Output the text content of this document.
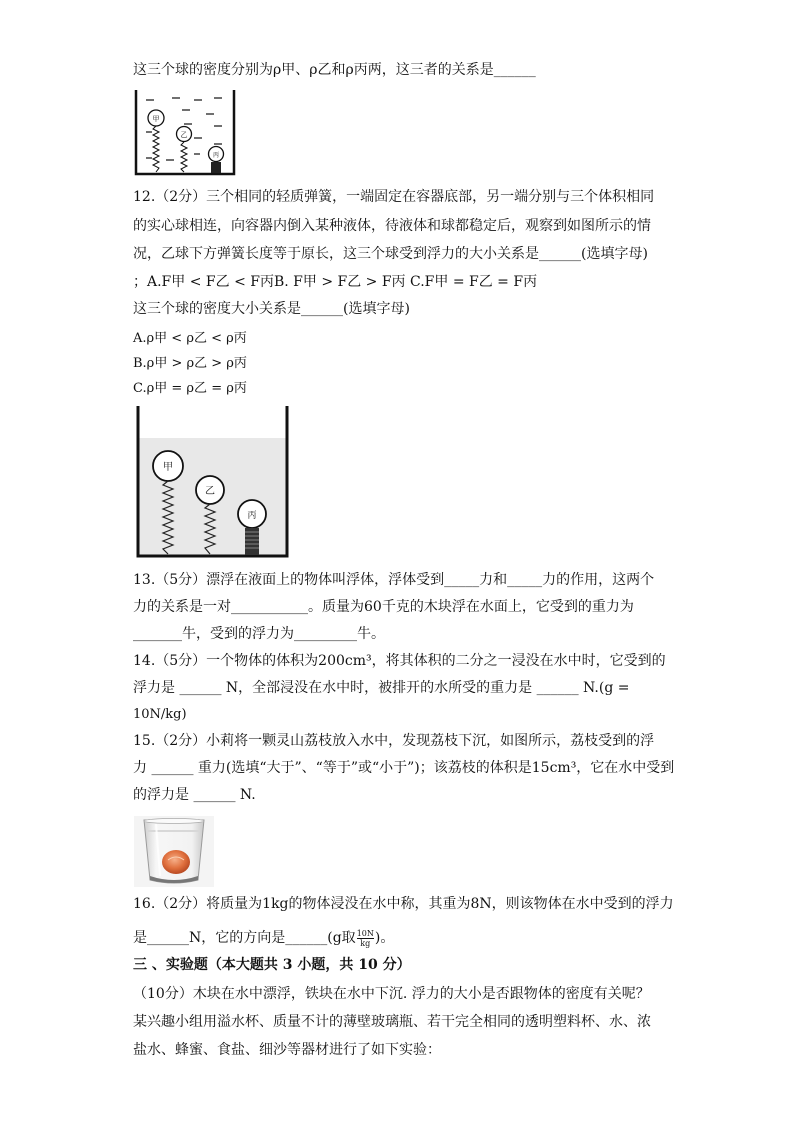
这三个球的密度分别为ρ甲、ρ乙和ρ丙两，这三者的关系是______
甲
乙
丙
12.（2分）三个相同的轻质弹簧，一端固定在容器底部，另一端分别与三个体积相同
的实心球相连，向容器内倒入某种液体，待液体和球都稳定后，观察到如图所示的情
况，乙球下方弹簧长度等于原长，这三个球受到浮力的大小关系是______(选填字母)
；A.F甲 < F乙 < F丙B. F甲 > F乙 > F丙 C.F甲 = F乙 = F丙
这三个球的密度大小关系是______(选填字母)
A.ρ甲 < ρ乙 < ρ丙
B.ρ甲 > ρ乙 > ρ丙
C.ρ甲 = ρ乙 = ρ丙
甲
乙
丙
13.（5分）漂浮在液面上的物体叫浮体，浮体受到_____力和_____力的作用，这两个
力的关系是一对___________。质量为60千克的木块浮在水面上，它受到的重力为
_______牛，受到的浮力为_________牛。
14.（5分）一个物体的体积为200cm³，将其体积的二分之一浸没在水中时，它受到的
浮力是 ______ N，全部浸没在水中时，被排开的水所受的重力是 ______ N.(g =
10N/kg)
15.（2分）小莉将一颗灵山荔枝放入水中，发现荔枝下沉，如图所示，荔枝受到的浮
力 ______ 重力(选填“大于”、“等于”或“小于”)；该荔枝的体积是15cm³，它在水中受到
的浮力是 ______ N.
16.（2分）将质量为1kg的物体浸没在水中称，其重为8N，则该物体在水中受到的浮力
是______N，它的方向是______(g取 $\frac{10N}{kg}$ )。
三 、实验题（本大题共 3 小题，共 10 分）
（10分）木块在水中漂浮，铁块在水中下沉. 浮力的大小是否跟物体的密度有关呢？
某兴趣小组用溢水杯、质量不计的薄壁玻璃瓶、若干完全相同的透明塑料杯、水、浓
盐水、蜂蜜、食盐、细沙等器材进行了如下实验：
